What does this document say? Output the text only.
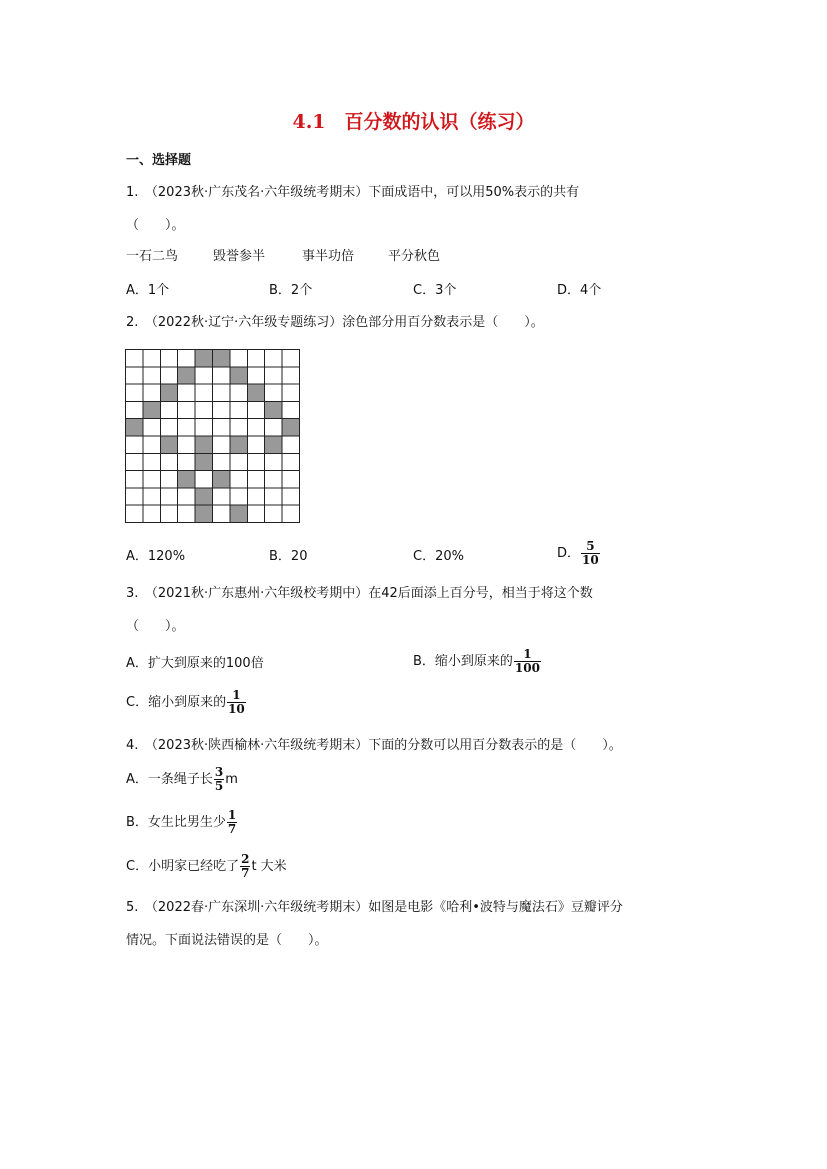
4.1　百分数的认识（练习）
一、选择题
1.　（2023秋·广东茂名·六年级统考期末）下面成语中，可以用50%表示的共有
（　　）。
一石二鸟	毁誉参半	事半功倍	平分秋色
A．1个	B．2个	C．3个	D．4个
2.　（2022秋·辽宁·六年级专题练习）涂色部分用百分数表示是（　　）。
A．120%	B．20	C．20%	D． $\frac{5}{10}$
3.　（2021秋·广东惠州·六年级校考期中）在42后面添上百分号，相当于将这个数
（　　）。
A．扩大到原来的100倍	B．缩小到原来的 $\frac{1}{100}$
C．缩小到原来的 $\frac{1}{10}$
4.　（2023秋·陕西榆林·六年级统考期末）下面的分数可以用百分数表示的是（　　）。
A．一条绳子长 $\frac{3}{5}$ m
B．女生比男生少 $\frac{1}{7}$
C．小明家已经吃了 $\frac{2}{7}$ t 大米
5.　（2022春·广东深圳·六年级统考期末）如图是电影《哈利•波特与魔法石》豆瓣评分
情况。下面说法错误的是（　　）。
